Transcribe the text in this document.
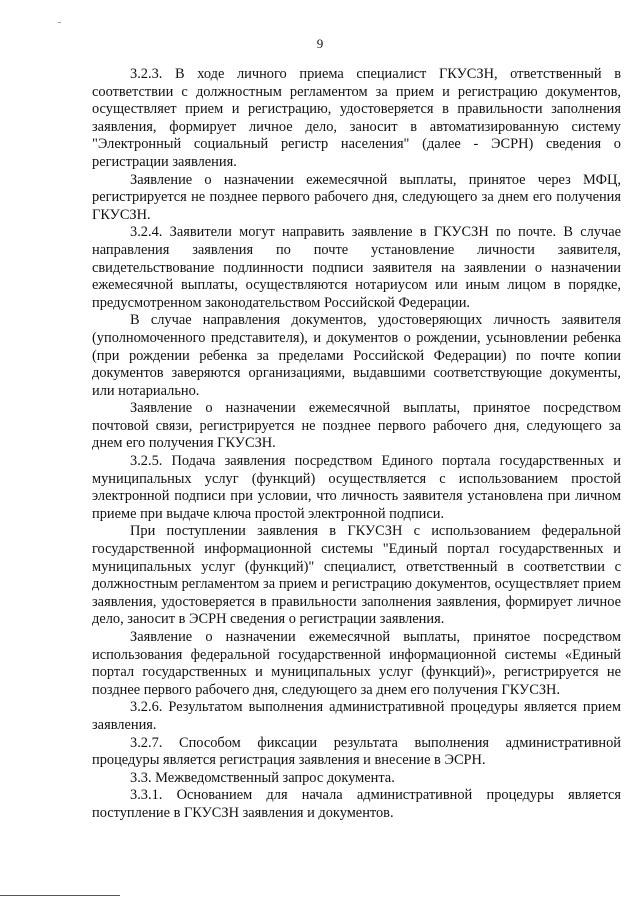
9

3.2.3. В ходе личного приема специалист ГКУСЗН, ответственный в соответствии с должностным регламентом за прием и регистрацию документов, осуществляет прием и регистрацию, удостоверяется в правильности заполнения заявления, формирует личное дело, заносит в автоматизированную систему "Электронный социальный регистр населения" (далее - ЭСРН) сведения о регистрации заявления.

Заявление о назначении ежемесячной выплаты, принятое через МФЦ, регистрируется не позднее первого рабочего дня, следующего за днем его получения ГКУСЗН.

3.2.4. Заявители могут направить заявление в ГКУСЗН по почте. В случае направления заявления по почте установление личности заявителя, свидетельствование подлинности подписи заявителя на заявлении о назначении ежемесячной выплаты, осуществляются нотариусом или иным лицом в порядке, предусмотренном законодательством Российской Федерации.

В случае направления документов, удостоверяющих личность заявителя (уполномоченного представителя), и документов о рождении, усыновлении ребенка (при рождении ребенка за пределами Российской Федерации) по почте копии документов заверяются организациями, выдавшими соответствующие документы, или нотариально.

Заявление о назначении ежемесячной выплаты, принятое посредством почтовой связи, регистрируется не позднее первого рабочего дня, следующего за днем его получения ГКУСЗН.

3.2.5. Подача заявления посредством Единого портала государственных и муниципальных услуг (функций) осуществляется с использованием простой электронной подписи при условии, что личность заявителя установлена при личном приеме при выдаче ключа простой электронной подписи.

При поступлении заявления в ГКУСЗН с использованием федеральной государственной информационной системы "Единый портал государственных и муниципальных услуг (функций)" специалист, ответственный в соответствии с должностным регламентом за прием и регистрацию документов, осуществляет прием заявления, удостоверяется в правильности заполнения заявления, формирует личное дело, заносит в ЭСРН сведения о регистрации заявления.

Заявление о назначении ежемесячной выплаты, принятое посредством использования федеральной государственной информационной системы «Единый портал государственных и муниципальных услуг (функций)», регистрируется не позднее первого рабочего дня, следующего за днем его получения ГКУСЗН.

3.2.6. Результатом выполнения административной процедуры является прием заявления.

3.2.7. Способом фиксации результата выполнения административной процедуры является регистрация заявления и внесение в ЭСРН.

3.3. Межведомственный запрос документа.

3.3.1. Основанием для начала административной процедуры является поступление в ГКУСЗН заявления и документов.
